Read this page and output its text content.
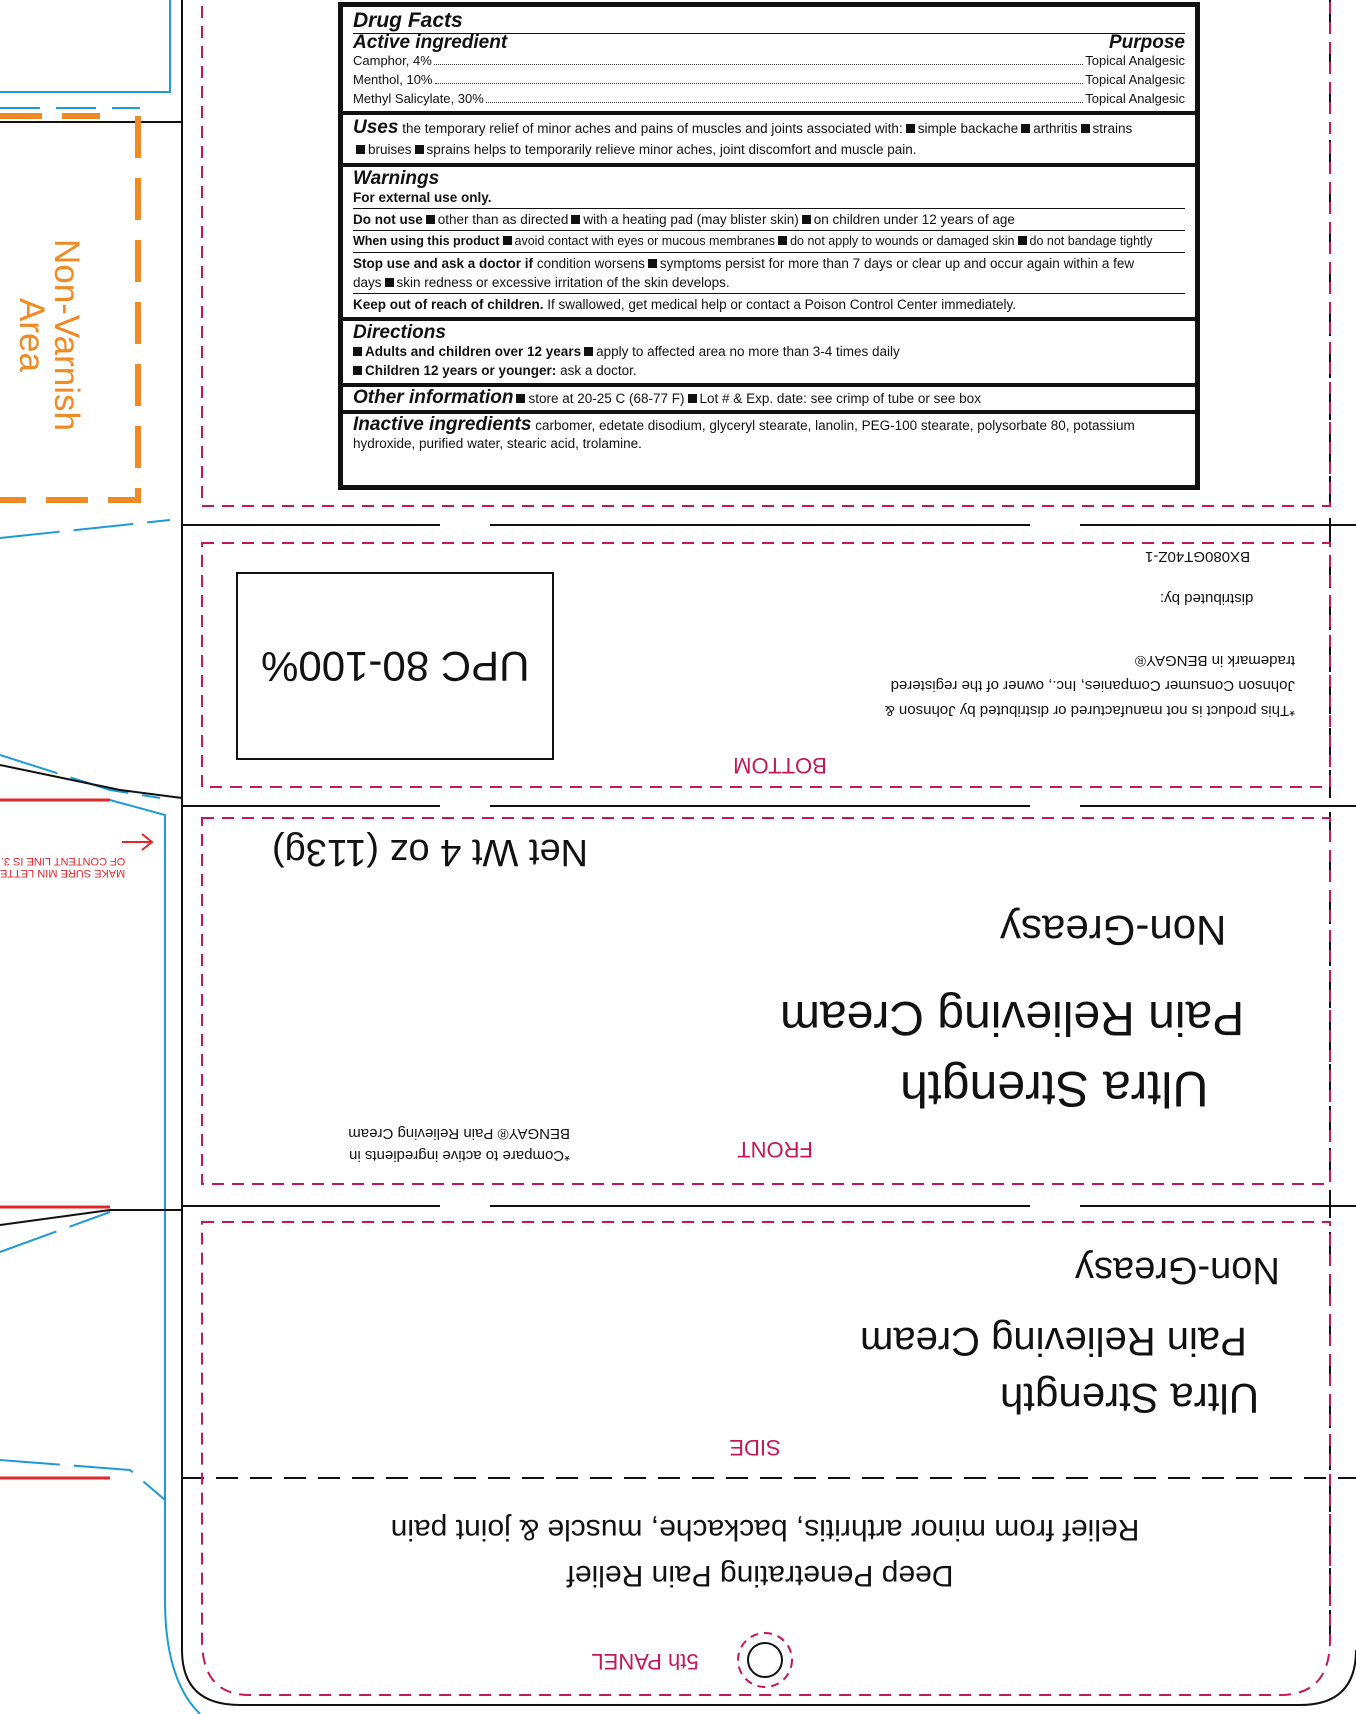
Non-Varnish
Area
MAKE SURE MIN LETTE
OF CONTENT LINE IS 3.
Drug Facts
Active ingredient	Purpose
Camphor, 4%	Topical Analgesic
Menthol, 10%	Topical Analgesic
Methyl Salicylate, 30%	Topical Analgesic
Uses the temporary relief of minor aches and pains of muscles and joints associated with: simple backache arthritis strains
bruises sprains helps to temporarily relieve minor aches, joint discomfort and muscle pain.
Warnings
For external use only.
Do not use other than as directed with a heating pad (may blister skin) on children under 12 years of age
When using this product avoid contact with eyes or mucous membranes do not apply to wounds or damaged skin do not bandage tightly
Stop use and ask a doctor if condition worsens symptoms persist for more than 7 days or clear up and occur again within a few
days skin redness or excessive irritation of the skin develops.
Keep out of reach of children. If swallowed, get medical help or contact a Poison Control Center immediately.
Directions
Adults and children over 12 years apply to affected area no more than 3-4 times daily
Children 12 years or younger: ask a doctor.
Other information store at 20-25 C (68-77 F) Lot # & Exp. date: see crimp of tube or see box
Inactive ingredients carbomer, edetate disodium, glyceryl stearate, lanolin, PEG-100 stearate, polysorbate 80, potassium
hydroxide, purified water, stearic acid, trolamine.
BX080GT40Z-1
distributed by:
*This product is not manufactured or distributed by Johnson &
Johnson Consumer Companies, Inc., owner of the registered
trademark in BENGAY®
BOTTOM
UPC 80-100%
Net Wt 4 oz (113g)
Non-Greasy
Pain Relieving Cream
Ultra Strength
*Compare to active ingredients in
BENGAY® Pain Relieving Cream
FRONT
Non-Greasy
Pain Relieving Cream
Ultra Strength
SIDE
Relief from minor arthritis, backache, muscle & joint pain
Deep Penetrating Pain Relief
5th PANEL
